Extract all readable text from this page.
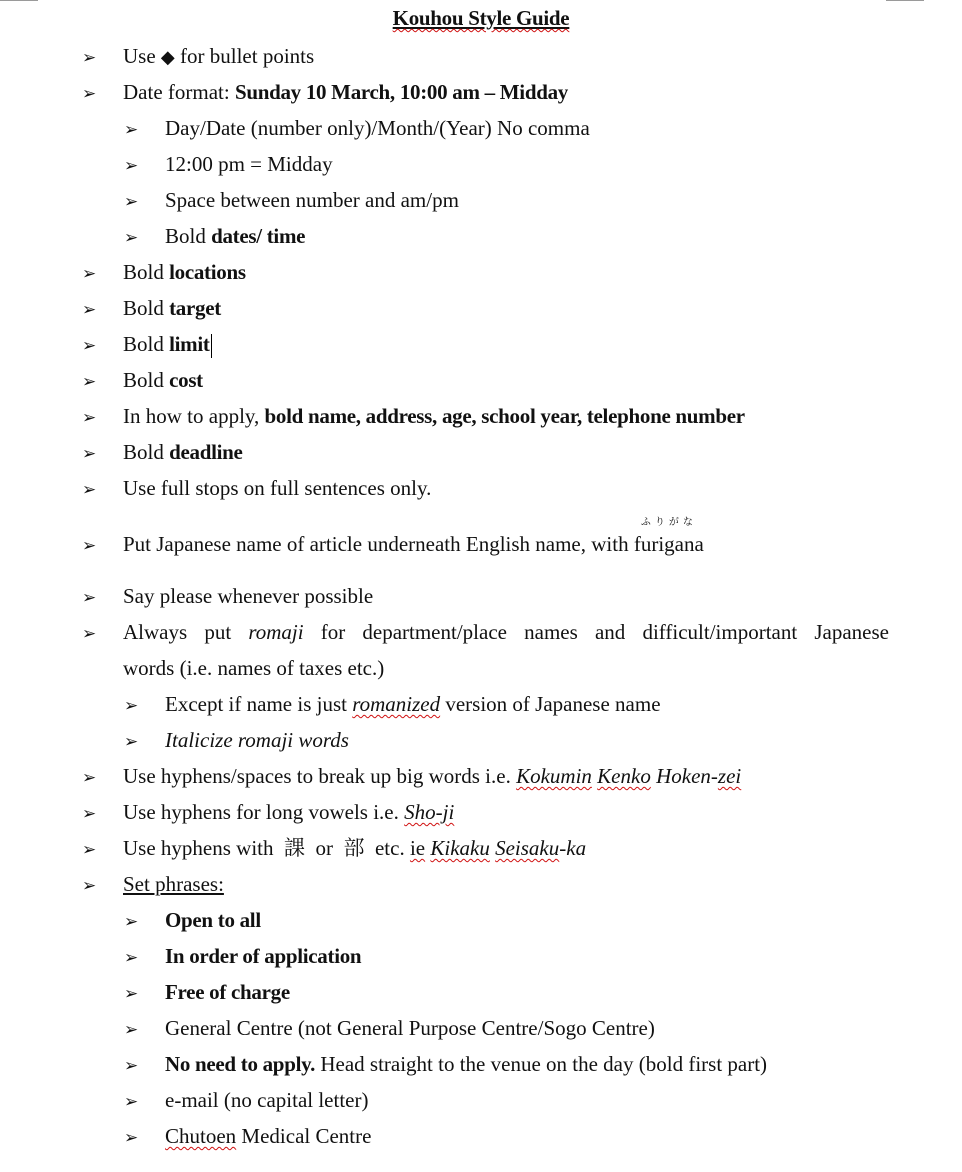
Kouhou Style Guide
➢ Use ◆ for bullet points
➢ Date format: Sunday 10 March, 10:00 am – Midday
➢ Day/Date (number only)/Month/(Year) No comma
➢ 12:00 pm = Midday
➢ Space between number and am/pm
➢ Bold dates/ time
➢ Bold locations
➢ Bold target
➢ Bold limit
➢ Bold cost
➢ In how to apply, bold name, address, age, school year, telephone number
➢ Bold deadline
➢ Use full stops on full sentences only.
➢ Put Japanese name of article underneath English name, with
ふりがな
furigana
➢ Say please whenever possible
➢	Always put romaji for department/place names and difficult/important Japanese
words (i.e. names of taxes etc.)
➢ Except if name is just romanized version of Japanese name
➢ Italicize romaji words
➢ Use hyphens/spaces to break up big words i.e. Kokumin Kenko Hoken-zei
➢ Use hyphens for long vowels i.e. Sho-ji
➢ Use hyphens with  課  or  部  etc. ie Kikaku Seisaku-ka
➢ Set phrases:
➢ Open to all
➢ In order of application
➢ Free of charge
➢ General Centre (not General Purpose Centre/Sogo Centre)
➢ No need to apply. Head straight to the venue on the day (bold first part)
➢ e-mail (no capital letter)
➢ Chutoen Medical Centre
